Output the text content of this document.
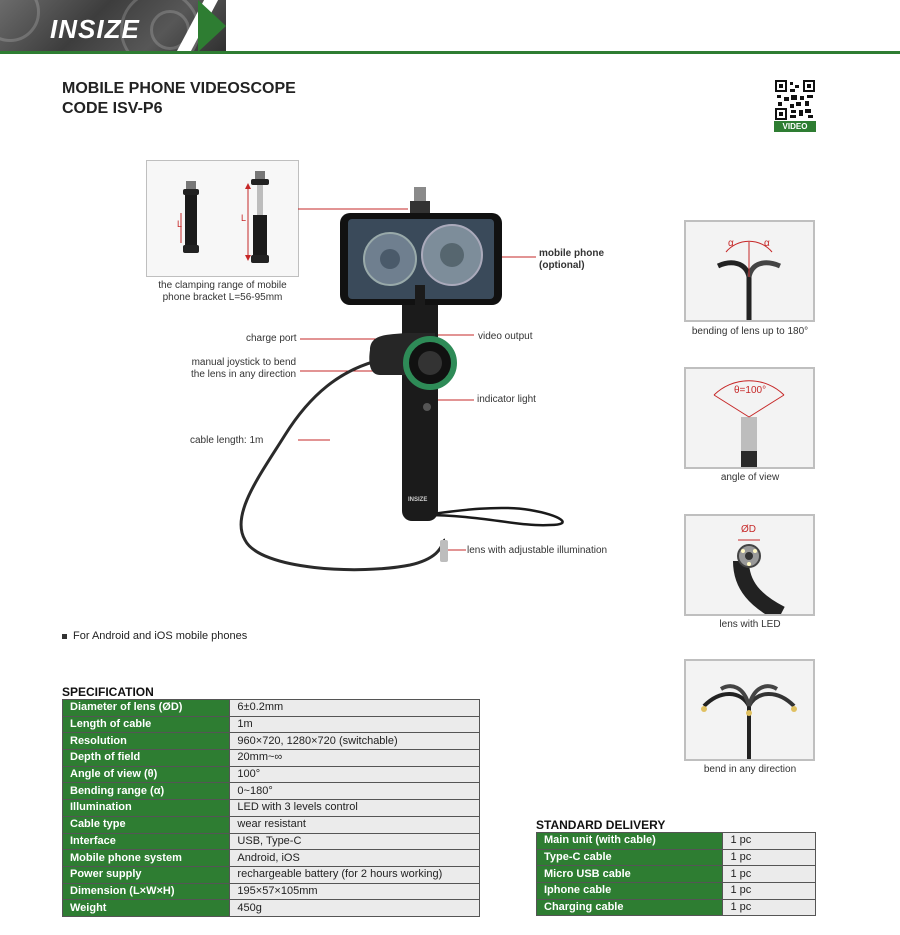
INSIZE
MOBILE PHONE VIDEOSCOPE
CODE ISV-P6
VIDEO
L
L
the clamping range of mobile
phone bracket L=56-95mm
INSIZE
mobile phone
(optional)
charge port	video output
manual joystick to bend
the lens in any direction
indicator light
cable length: 1m
lens with adjustable illumination
α	α
bending of lens up to 180°
θ=100°
angle of view
ØD
lens with LED
bend in any direction
For Android and iOS mobile phones
SPECIFICATION
Diameter of lens (ØD)	6±0.2mm
Length of cable	1m
Resolution	960×720, 1280×720 (switchable)
Depth of field	20mm~∞
Angle of view (θ)	100°
Bending range (α)	0~180°
Illumination	LED with 3 levels control
Cable type	wear resistant
Interface	USB, Type-C
Mobile phone system	Android, iOS
Power supply	rechargeable battery (for 2 hours working)
Dimension (L×W×H)	195×57×105mm
Weight	450g
STANDARD DELIVERY
Main unit (with cable)	1 pc
Type-C cable	1 pc
Micro USB cable	1 pc
Iphone cable	1 pc
Charging cable	1 pc
